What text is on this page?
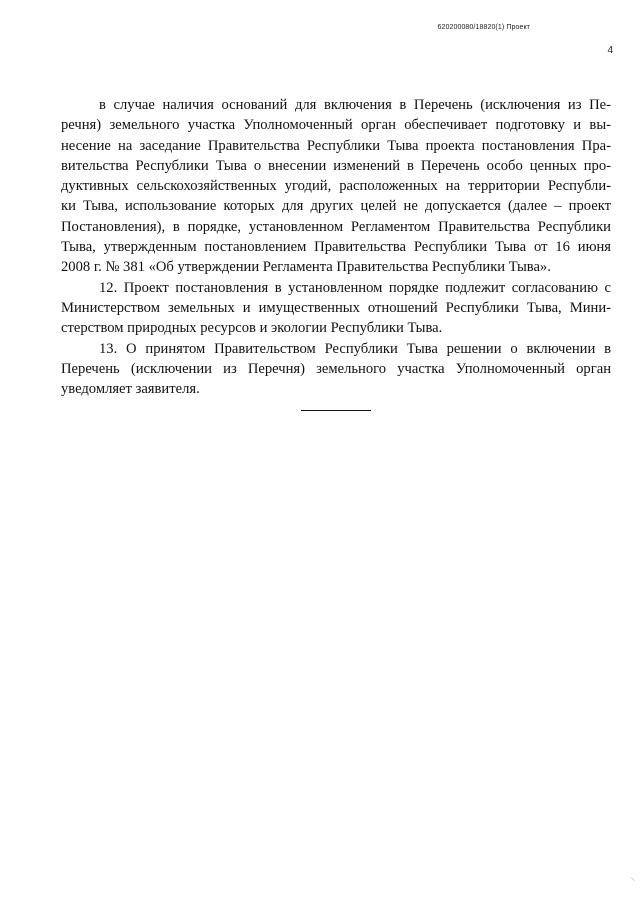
620200080/18820(1) Проект
4
в случае наличия оснований для включения в Перечень (исключения из Пе-
речня) земельного участка Уполномоченный орган обеспечивает подготовку и вы-
несение на заседание Правительства Республики Тыва проекта постановления Пра-
вительства Республики Тыва о внесении изменений в Перечень особо ценных про-
дуктивных сельскохозяйственных угодий, расположенных на территории Республи-
ки Тыва, использование которых для других целей не допускается (далее – проект
Постановления), в порядке, установленном Регламентом Правительства Республики
Тыва, утвержденным постановлением Правительства Республики Тыва от 16 июня
2008 г. № 381 «Об утверждении Регламента Правительства Республики Тыва».
12. Проект постановления в установленном порядке подлежит согласованию с
Министерством земельных и имущественных отношений Республики Тыва, Мини-
стерством природных ресурсов и экологии Республики Тыва.
13. О принятом Правительством Республики Тыва решении о включении в
Перечень (исключении из Перечня) земельного участка Уполномоченный орган
уведомляет заявителя.
/
